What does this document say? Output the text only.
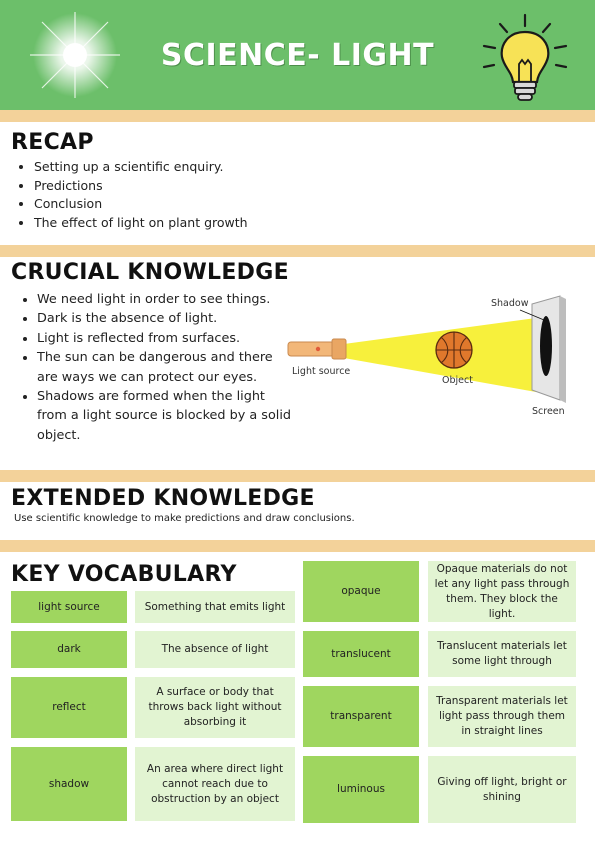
SCIENCE- LIGHT
RECAP
• Setting up a scientific enquiry.
• Predictions
• Conclusion
• The effect of light on plant growth
CRUCIAL KNOWLEDGE
• We need light in order to see things.
• Dark is the absence of light.
• Light is reflected from surfaces.
• The sun can be dangerous and there are ways we can protect our eyes.
• Shadows are formed when the light from a light source is blocked by a solid object.
Shadow
Light source
Object
Screen
EXTENDED KNOWLEDGE
Use scientific knowledge to make predictions and draw conclusions.
KEY VOCABULARY
light source	Something that emits light
dark	The absence of light
reflect
A surface or body that throws back light without absorbing it
shadow
An area where direct light cannot reach due to obstruction by an object
opaque
Opaque materials do not let any light pass through them. They block the light.
translucent
Translucent materials let some light through
transparent
Transparent materials let light pass through them in straight lines
luminous
Giving off light, bright or shining
